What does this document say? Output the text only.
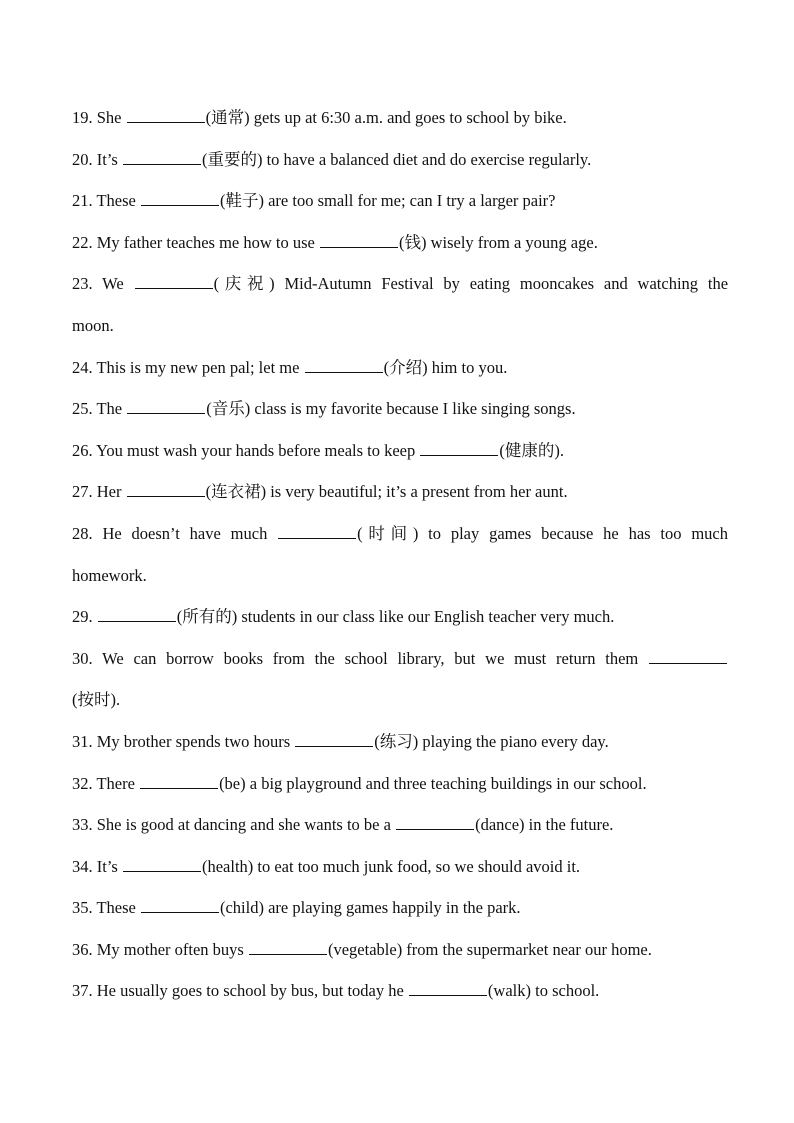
19. She	(通常) gets up at 6:30 a.m. and goes to school by bike.
20. It’s	(重要的) to have a balanced diet and do exercise regularly.
21. These	(鞋子) are too small for me; can I try a larger pair?
22. My father teaches me how to use	(钱) wisely from a young age.
23. We	(庆祝) Mid-Autumn Festival by eating mooncakes and watching the
moon.
24. This is my new pen pal; let me	(介绍) him to you.
25. The	(音乐) class is my favorite because I like singing songs.
26. You must wash your hands before meals to keep	(健康的).
27. Her	(连衣裙) is very beautiful; it’s a present from her aunt.
28. He doesn’t have much	(时间) to play games because he has too much
homework.
29.	(所有的) students in our class like our English teacher very much.
30. We can borrow books from the school library, but we must return them
(按时).
31. My brother spends two hours	(练习) playing the piano every day.
32. There	(be) a big playground and three teaching buildings in our school.
33. She is good at dancing and she wants to be a	(dance) in the future.
34. It’s	(health) to eat too much junk food, so we should avoid it.
35. These	(child) are playing games happily in the park.
36. My mother often buys	(vegetable) from the supermarket near our home.
37. He usually goes to school by bus, but today he	(walk) to school.
